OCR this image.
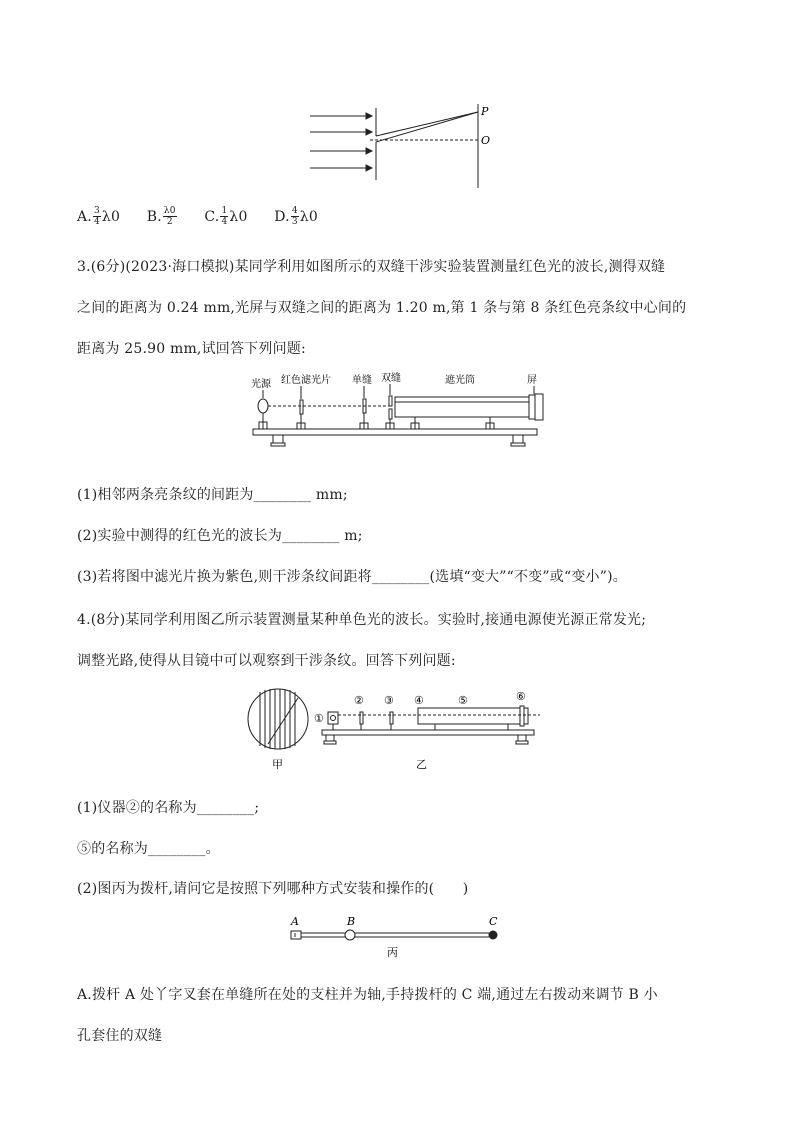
P
O
A. $\frac{3}{4} \lambda 0$ B. $\frac{\lambda 0}{2} C$. $\frac{1}{4} \lambda 0$ D. $\frac{4}{3} \lambda 0$
3.(6分)(2023·海口模拟)某同学利用如图所示的双缝干涉实验装置测量红色光的波长,测得双缝
之间的距离为 0.24 mm,光屏与双缝之间的距离为 1.20 m,第 1 条与第 8 条红色亮条纹中心间的
距离为 25.90 mm,试回答下列问题:
光源 红色滤光片 单缝 双缝	遮光筒	屏
(1)相邻两条亮条纹的间距为________ mm;
(2)实验中测得的红色光的波长为________ m;
(3)若将图中滤光片换为紫色,则干涉条纹间距将________(选填“变大”“不变”或“变小”)。
4.(8分)某同学利用图乙所示装置测量某种单色光的波长。实验时,接通电源使光源正常发光;
调整光路,使得从目镜中可以观察到干涉条纹。回答下列问题:
①
② ③ ④	⑤	⑥
甲	乙
(1)仪器②的名称为________;
⑤的名称为________。
(2)图丙为拨杆,请问它是按照下列哪种方式安装和操作的(　　)
A	B	C
丙
A.拨杆 A 处丫字叉套在单缝所在处的支柱并为轴,手持拨杆的 C 端,通过左右拨动来调节 B 小
孔套住的双缝
